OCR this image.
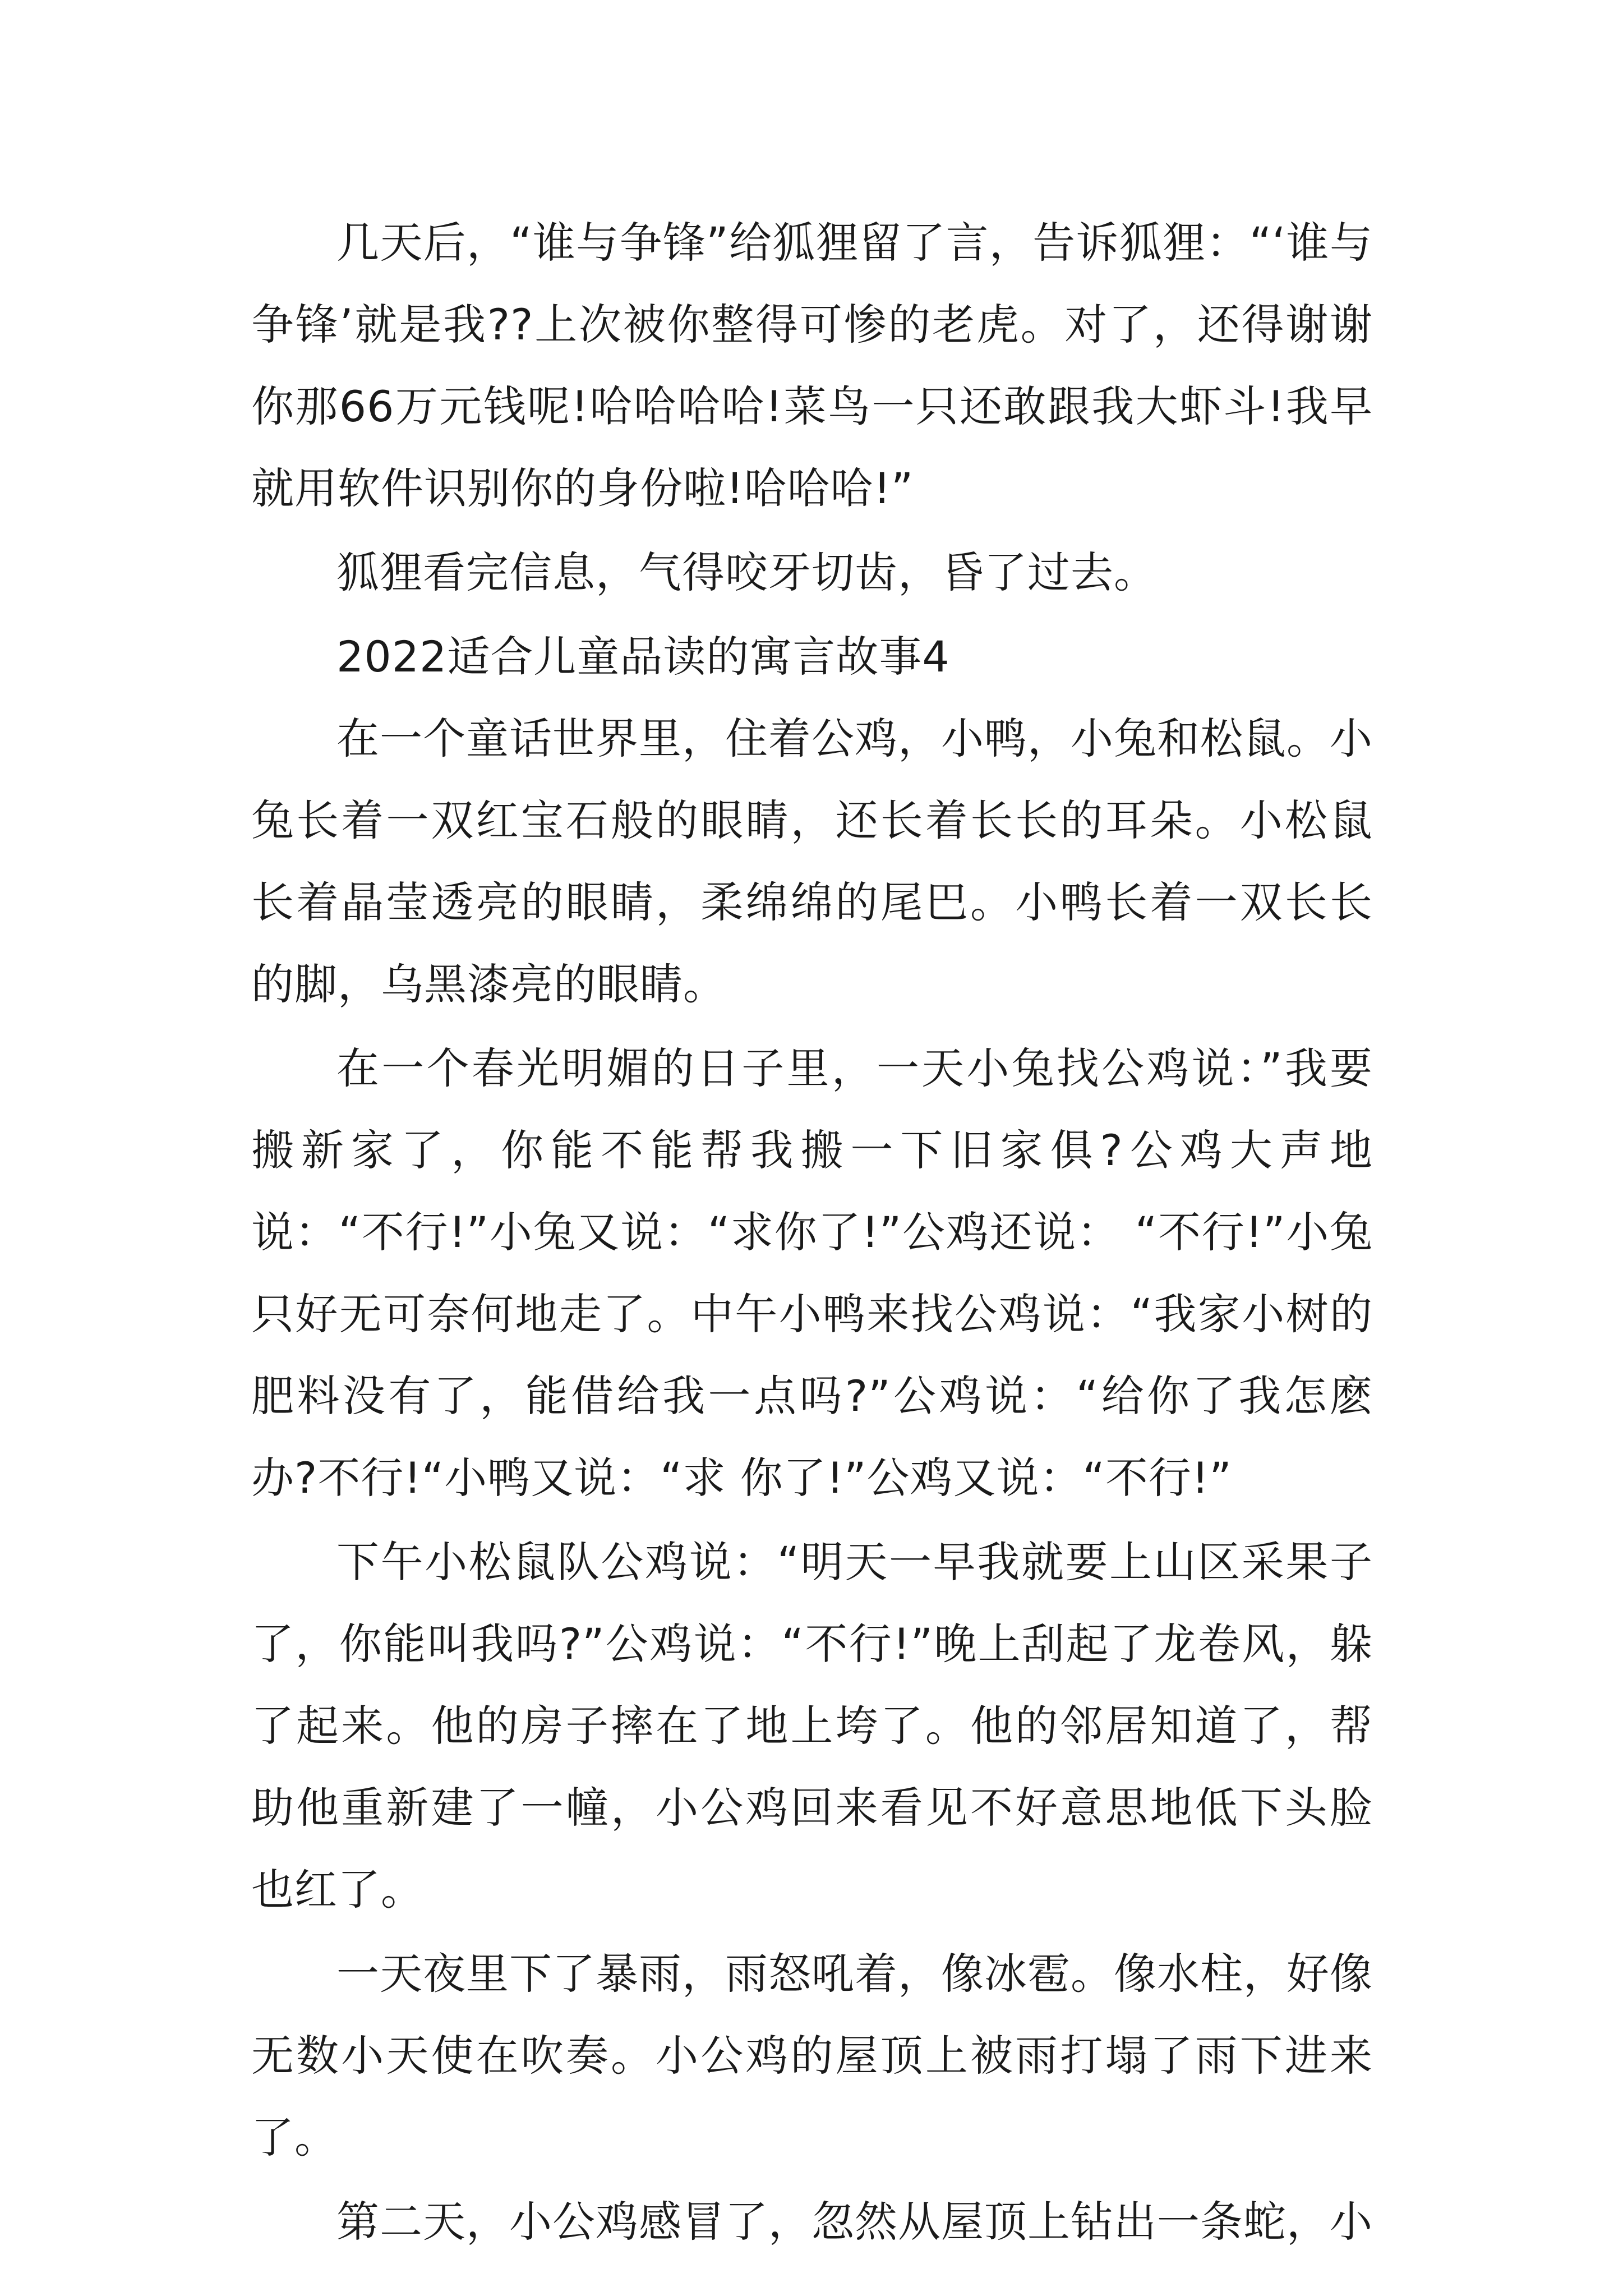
几天后，“谁与争锋”给狐狸留了言，告诉狐狸：“‘谁与争锋’就是我??上次被你整得可惨的老虎。对了，还得谢谢你那66万元钱呢!哈哈哈哈!菜鸟一只还敢跟我大虾斗!我早就用软件识别你的身份啦!哈哈哈!”

狐狸看完信息，气得咬牙切齿，昏了过去。

2022适合儿童品读的寓言故事4

在一个童话世界里，住着公鸡，小鸭，小兔和松鼠。小兔长着一双红宝石般的眼睛，还长着长长的耳朵。小松鼠长着晶莹透亮的眼睛，柔绵绵的尾巴。小鸭长着一双长长的脚，乌黑漆亮的眼睛。

在一个春光明媚的日子里，一天小兔找公鸡说：”我要搬新家了，你能不能帮我搬一下旧家俱?公鸡大声地说：“不行!”小兔又说：“求你了!”公鸡还说： “不行!”小兔只好无可奈何地走了。中午小鸭来找公鸡说：“我家小树的肥料没有了，能借给我一点吗?”公鸡说：“给你了我怎麽办?不行!“小鸭又说：“求 你了!”公鸡又说：“不行!”

下午小松鼠队公鸡说：“明天一早我就要上山区采果子了，你能叫我吗?”公鸡说：“不行!”晚上刮起了龙卷风，躲了起来。他的房子摔在了地上垮了。他的邻居知道了，帮助他重新建了一幢，小公鸡回来看见不好意思地低下头脸也红了。

一天夜里下了暴雨，雨怒吼着，像冰雹。像水柱，好像无数小天使在吹奏。小公鸡的屋顶上被雨打塌了雨下进来了。

第二天，小公鸡感冒了，忽然从屋顶上钻出一条蛇，小
